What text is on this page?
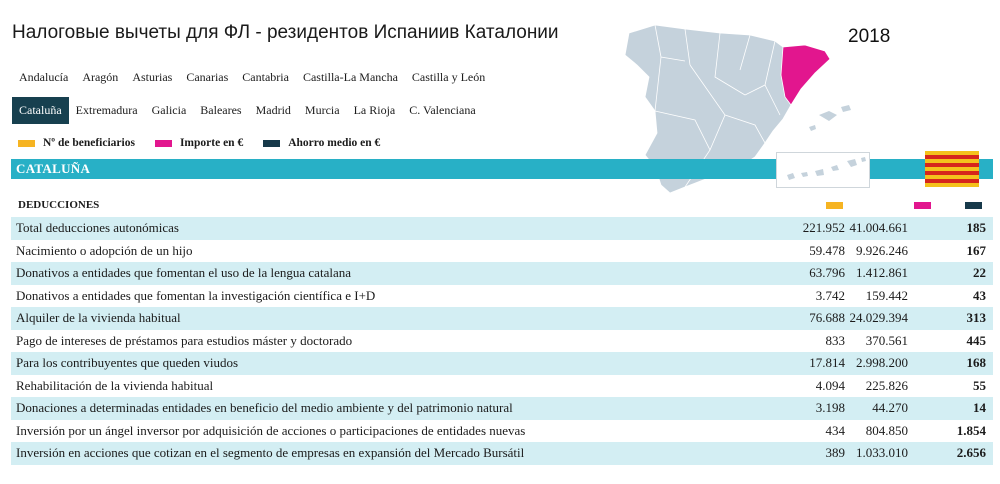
Налоговые вычеты для ФЛ - резидентов Испаниив Каталонии	2018
Andalucía	Aragón	Asturias	Canarias	Cantabria	Castilla-La Mancha	Castilla y León
Cataluña	Extremadura	Galicia	Baleares	Madrid	Murcia	La Rioja	C. Valenciana
Nº de beneficiarios	Importe en €	Ahorro medio en €
CATALUÑA
DEDUCCIONES
Total deducciones autonómicas	221.952 41.004.661	185
Nacimiento o adopción de un hijo	59.478 9.926.246	167
Donativos a entidades que fomentan el uso de la lengua catalana	63.796 1.412.861	22
Donativos a entidades que fomentan la investigación científica e I+D	3.742 159.442	43
Alquiler de la vivienda habitual	76.688 24.029.394	313
Pago de intereses de préstamos para estudios máster y doctorado	833 370.561	445
Para los contribuyentes que queden viudos	17.814 2.998.200	168
Rehabilitación de la vivienda habitual	4.094 225.826	55
Donaciones a determinadas entidades en beneficio del medio ambiente y del patrimonio natural	3.198 44.270	14
Inversión por un ángel inversor por adquisición de acciones o participaciones de entidades nuevas	434 804.850	1.854
Inversión en acciones que cotizan en el segmento de empresas en expansión del Mercado Bursátil	389 1.033.010	2.656
